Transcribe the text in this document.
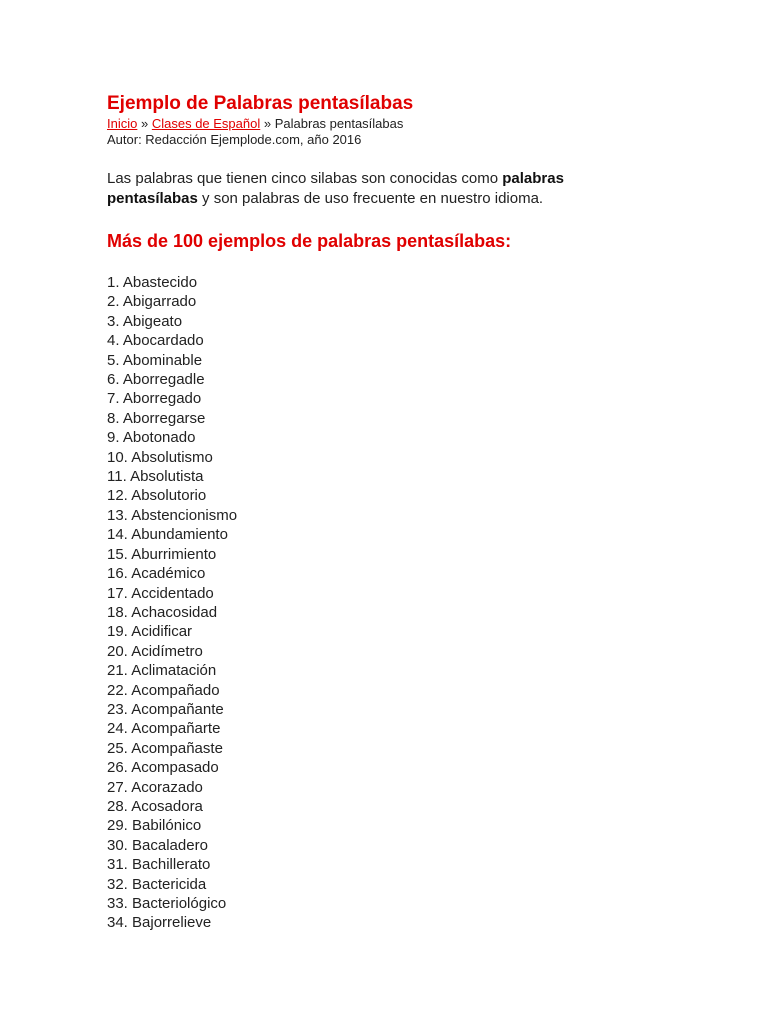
Ejemplo de Palabras pentasílabas
Inicio » Clases de Español » Palabras pentasílabas
Autor: Redacción Ejemplode.com, año 2016

Las palabras que tienen cinco silabas son conocidas como palabras pentasílabas y son palabras de uso frecuente en nuestro idioma.

Más de 100 ejemplos de palabras pentasílabas:
1. Abastecido
2. Abigarrado
3. Abigeato
4. Abocardado
5. Abominable
6. Aborregadle
7. Aborregado
8. Aborregarse
9. Abotonado
10. Absolutismo
11. Absolutista
12. Absolutorio
13. Abstencionismo
14. Abundamiento
15. Aburrimiento
16. Académico
17. Accidentado
18. Achacosidad
19. Acidificar
20. Acidímetro
21. Aclimatación
22. Acompañado
23. Acompañante
24. Acompañarte
25. Acompañaste
26. Acompasado
27. Acorazado
28. Acosadora
29. Babilónico
30. Bacaladero
31. Bachillerato
32. Bactericida
33. Bacteriológico
34. Bajorrelieve
